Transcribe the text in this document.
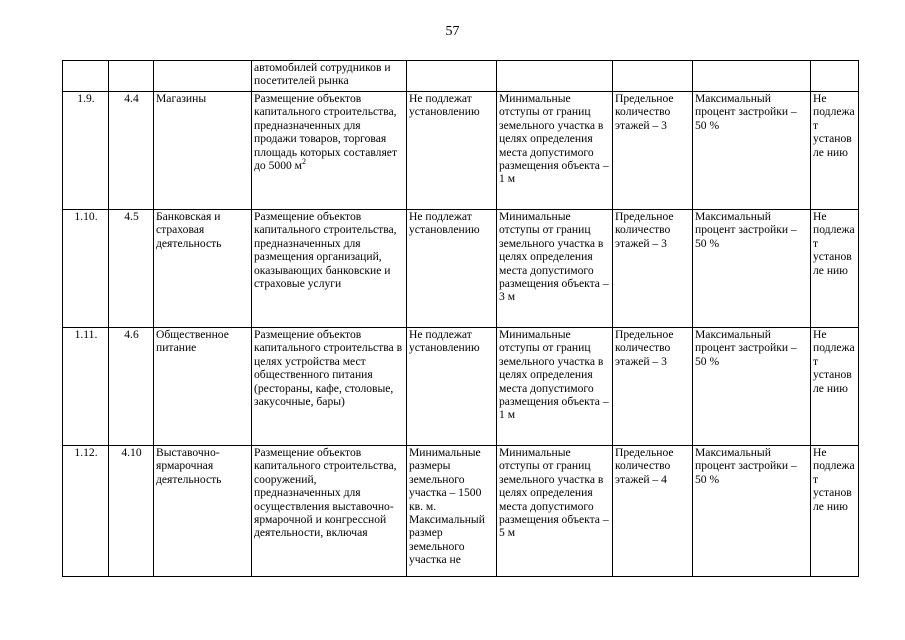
57
			автомобилей сотрудников и посетителей рынка					
1.9.	4.4	Магазины	Размещение объектов капитального строительства, предназначенных для продажи товаров, торговая площадь которых составляет до 5000 $м^2$	Не подлежат установлению	Минимальные отступы от границ земельного участка в целях определения места допустимого размещения объекта – 1 м	Предельное количество этажей – 3	Максимальный процент застройки – 50 %	Не подлежат установле нию
1.10.	4.5	Банковская и страховая деятельность	Размещение объектов капитального строительства, предназначенных для размещения организаций, оказывающих банковские и страховые услуги	Не подлежат установлению	Минимальные отступы от границ земельного участка в целях определения места допустимого размещения объекта – 3 м	Предельное количество этажей – 3	Максимальный процент застройки – 50 %	Не подлежат установле нию
1.11.	4.6	Общественное питание	Размещение объектов капитального строительства в целях устройства мест общественного питания (рестораны, кафе, столовые, закусочные, бары)	Не подлежат установлению	Минимальные отступы от границ земельного участка в целях определения места допустимого размещения объекта – 1 м	Предельное количество этажей – 3	Максимальный процент застройки – 50 %	Не подлежат установле нию
1.12.	4.10	Выставочно-ярмарочная деятельность	Размещение объектов капитального строительства, сооружений, предназначенных для осуществления выставочно-ярмарочной и конгрессной деятельности, включая	Минимальные размеры земельного участка – 1500 кв. м. Максимальный размер земельного участка не	Минимальные отступы от границ земельного участка в целях определения места допустимого размещения объекта – 5 м	Предельное количество этажей – 4	Максимальный процент застройки – 50 %	Не подлежат установле нию
